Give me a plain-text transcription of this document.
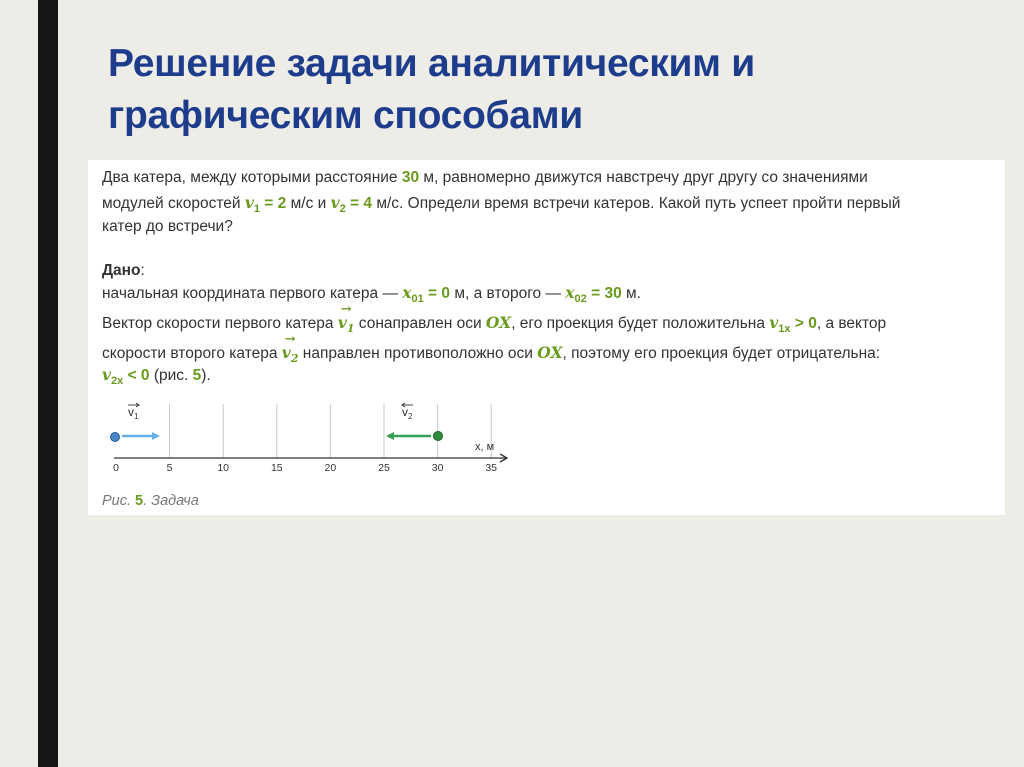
Решение задачи аналитическим и
графическим способами
Два катера, между которыми расстояние 30 м, равномерно движутся навстречу друг другу со значениями
модулей скоростей $v_1 = 2$ м/с и $v_2 = 4$ м/с. Определи время встречи катеров. Какой путь успеет пройти первый
катер до встречи?
Дано:
начальная координата первого катера — $x_{01} = 0$ м, а второго — $x_{02} = 30$ м.
Вектор скорости первого катера
→
$v_1$ сонаправлен оси OX, его проекция будет положительна $v_{1x} > 0$, а вектор
скорости второго катера
→
$v_2$ направлен противоположно оси OX, поэтому его проекция будет отрицательна:
$v_{2x} < 0$ (рис. 5).
0	5	10	15	20	25	30	35
x, м
$v_1$	$v_2$
Рис. 5. Задача
